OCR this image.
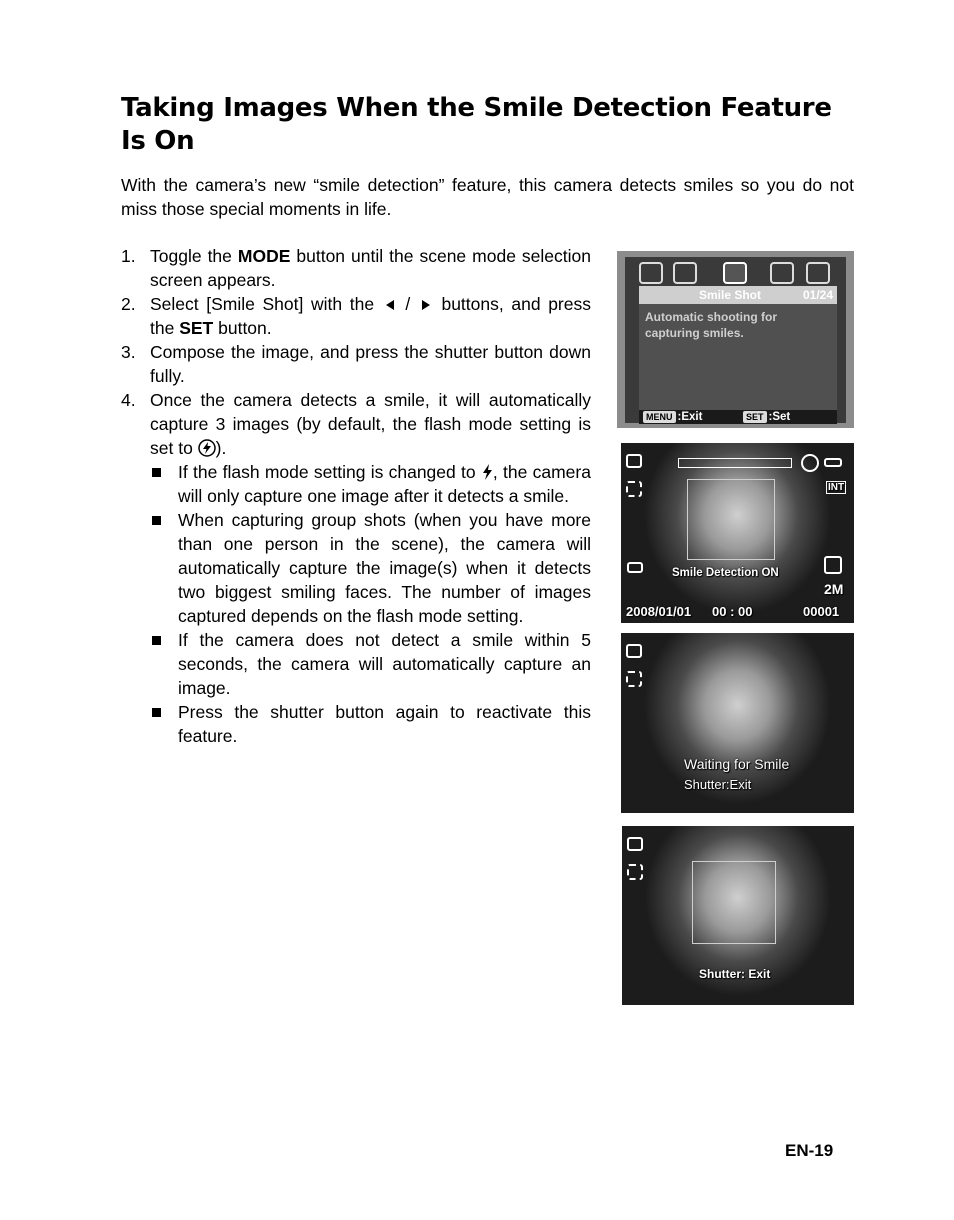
Taking Images When the Smile Detection Feature Is On

With the camera’s new “smile detection” feature, this camera detects smiles so you do not miss those special moments in life.

1. Toggle the MODE button until the scene mode selection screen appears.
2. Select [Smile Shot] with the  /  buttons, and press the SET button.
3. Compose the image, and press the shutter button down fully.
4. Once the camera detects a smile, it will automatically capture 3 images (by default, the flash mode setting is set to ).
If the flash mode setting is changed to , the camera will only capture one image after it detects a smile.
When capturing group shots (when you have more than one person in the scene), the camera will automatically capture the image(s) when it detects two biggest smiling faces. The number of images captured depends on the flash mode setting.
If the camera does not detect a smile within 5 seconds, the camera will automatically capture an image.
Press the shutter button again to reactivate this feature.
Smile Shot	01/24
Automatic shooting for
capturing smiles.
MENU :Exit	SET :Set
INT
Smile Detection ON
2M
2008/01/01 00 : 00	00001
Waiting for Smile
Shutter:Exit
Shutter: Exit
EN-19
